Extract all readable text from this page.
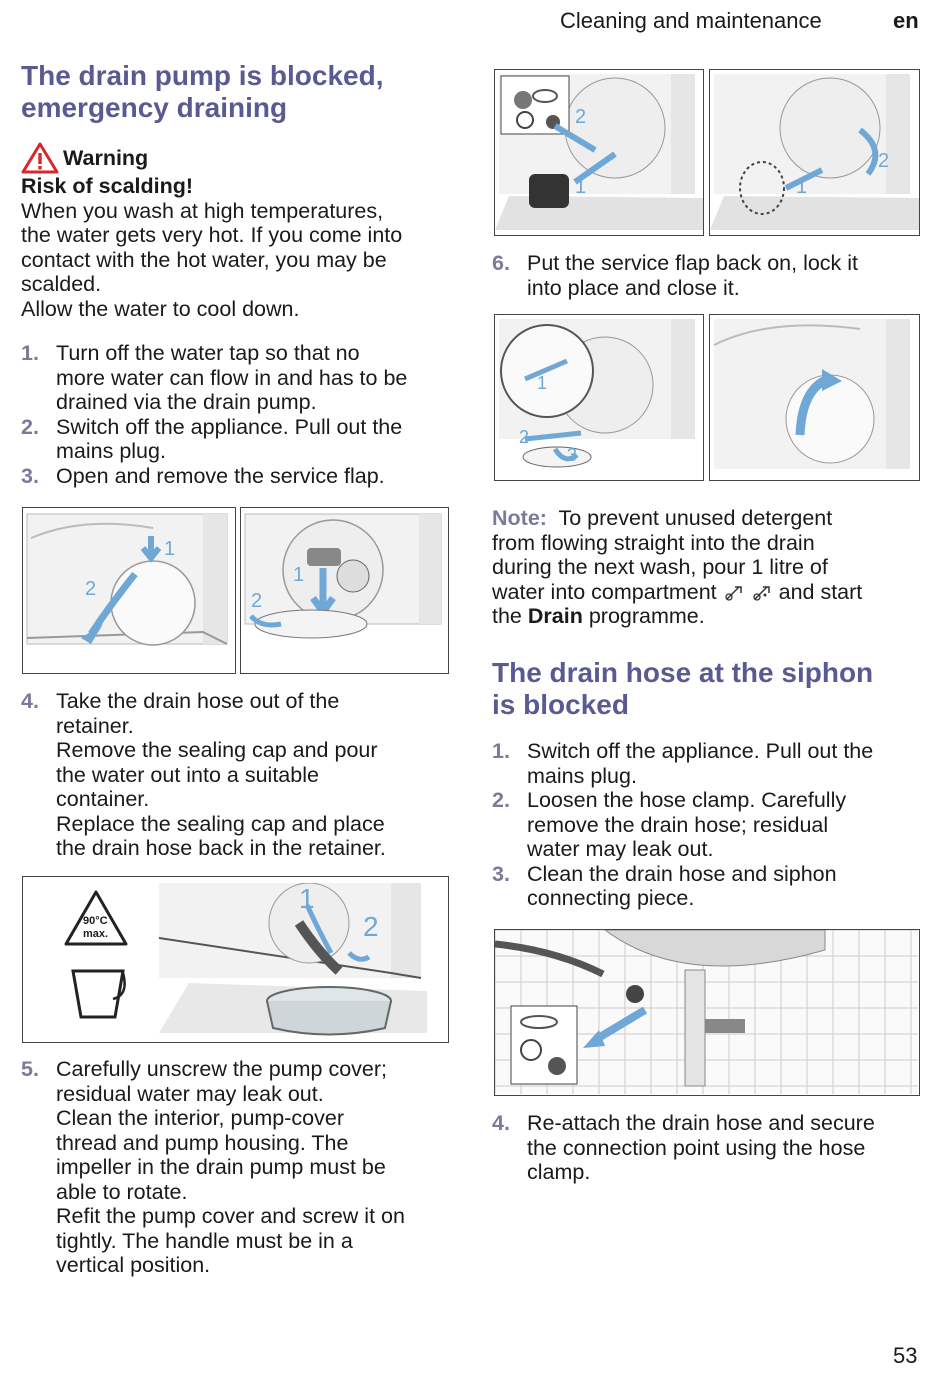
Cleaning and maintenance	en
The drain pump is blocked,
emergency draining
Warning

Risk of scalding!

When you wash at high temperatures,

the water gets very hot. If you come into

contact with the hot water, you may be

scalded.

Allow the water to cool down.

1. Turn off the water tap so that no
more water can flow in and has to be
drained via the drain pump.
2. Switch off the appliance. Pull out the
mains plug.
3. Open and remove the service flap.
1
2
1
2
4. Take the drain hose out of the
retainer.
Remove the sealing cap and pour
the water out into a suitable
container.
Replace the sealing cap and place
the drain hose back in the retainer.
90°C
max.
1
2
5. Carefully unscrew the pump cover;
residual water may leak out.
Clean the interior, pump-cover
thread and pump housing. The
impeller in the drain pump must be
able to rotate.
Refit the pump cover and screw it on
tightly. The handle must be in a
vertical position.
2
1	1
2
6. Put the service flap back on, lock it
into place and close it.
1
2
3

Note: To prevent unused detergent

from flowing straight into the drain

during the next wash, pour 1 litre of

water into compartment	and start

the Drain programme.

The drain hose at the siphon
is blocked
1. Switch off the appliance. Pull out the
mains plug.
2. Loosen the hose clamp. Carefully
remove the drain hose; residual
water may leak out.
3. Clean the drain hose and siphon
connecting piece.
4. Re-attach the drain hose and secure
the connection point using the hose
clamp.
53
